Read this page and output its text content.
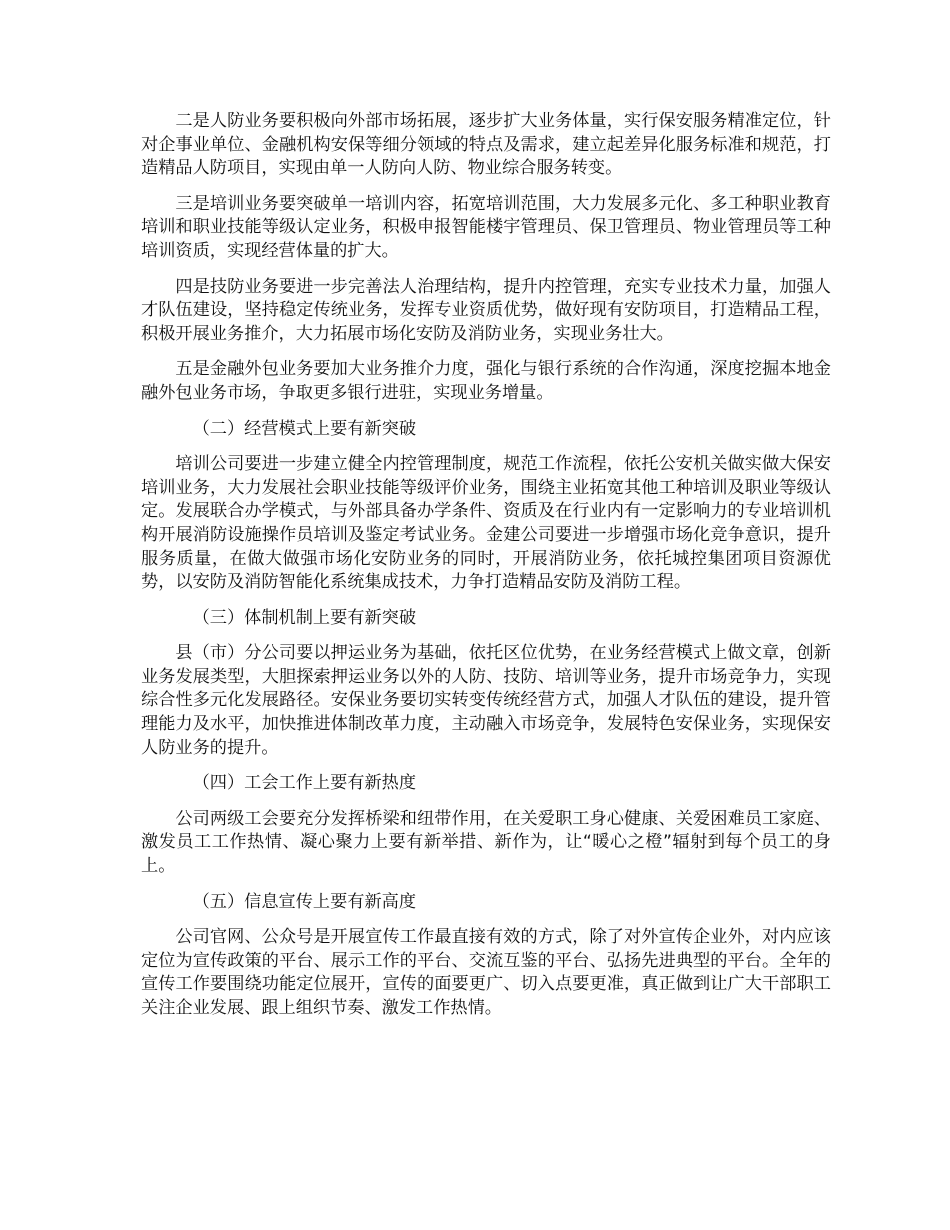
二是人防业务要积极向外部市场拓展，逐步扩大业务体量，实行保安服务精准定位，针对企事业单位、金融机构安保等细分领域的特点及需求，建立起差异化服务标准和规范，打造精品人防项目，实现由单一人防向人防、物业综合服务转变。

三是培训业务要突破单一培训内容，拓宽培训范围，大力发展多元化、多工种职业教育培训和职业技能等级认定业务，积极申报智能楼宇管理员、保卫管理员、物业管理员等工种培训资质，实现经营体量的扩大。

四是技防业务要进一步完善法人治理结构，提升内控管理，充实专业技术力量，加强人才队伍建设，坚持稳定传统业务，发挥专业资质优势，做好现有安防项目，打造精品工程，积极开展业务推介，大力拓展市场化安防及消防业务，实现业务壮大。

五是金融外包业务要加大业务推介力度，强化与银行系统的合作沟通，深度挖掘本地金融外包业务市场，争取更多银行进驻，实现业务增量。

（二）经营模式上要有新突破

培训公司要进一步建立健全内控管理制度，规范工作流程，依托公安机关做实做大保安培训业务，大力发展社会职业技能等级评价业务，围绕主业拓宽其他工种培训及职业等级认定。发展联合办学模式，与外部具备办学条件、资质及在行业内有一定影响力的专业培训机构开展消防设施操作员培训及鉴定考试业务。金建公司要进一步增强市场化竞争意识，提升服务质量，在做大做强市场化安防业务的同时，开展消防业务，依托城控集团项目资源优势，以安防及消防智能化系统集成技术，力争打造精品安防及消防工程。

（三）体制机制上要有新突破

县（市）分公司要以押运业务为基础，依托区位优势，在业务经营模式上做文章，创新业务发展类型，大胆探索押运业务以外的人防、技防、培训等业务，提升市场竞争力，实现综合性多元化发展路径。安保业务要切实转变传统经营方式，加强人才队伍的建设，提升管理能力及水平，加快推进体制改革力度，主动融入市场竞争，发展特色安保业务，实现保安人防业务的提升。

（四）工会工作上要有新热度

公司两级工会要充分发挥桥梁和纽带作用，在关爱职工身心健康、关爱困难员工家庭、激发员工工作热情、凝心聚力上要有新举措、新作为，让“暖心之橙”辐射到每个员工的身上。

（五）信息宣传上要有新高度

公司官网、公众号是开展宣传工作最直接有效的方式，除了对外宣传企业外，对内应该定位为宣传政策的平台、展示工作的平台、交流互鉴的平台、弘扬先进典型的平台。全年的宣传工作要围绕功能定位展开，宣传的面要更广、切入点要更准，真正做到让广大干部职工关注企业发展、跟上组织节奏、激发工作热情。
